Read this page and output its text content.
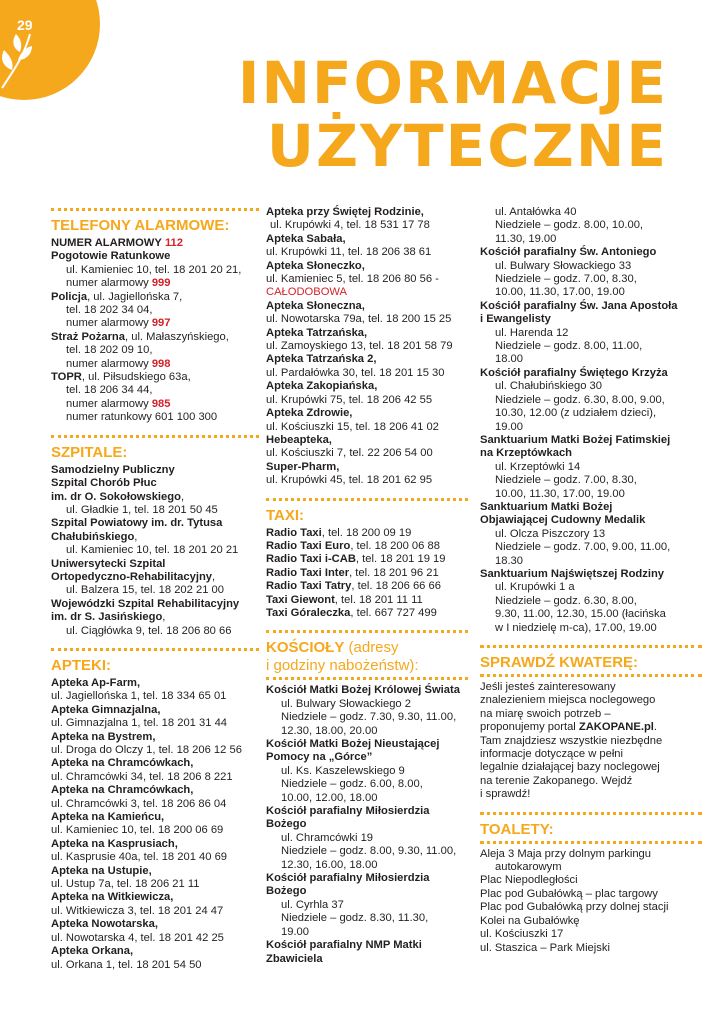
29
INFORMACJE
UŻYTECZNE
TELEFONY ALARMOWE:
NUMER ALARMOWY 112
Pogotowie Ratunkowe
ul. Kamieniec 10, tel. 18 201 20 21,
numer alarmowy 999
Policja, ul. Jagiellońska 7,
tel. 18 202 34 04,
numer alarmowy 997
Straż Pożarna, ul. Małaszyńskiego,
tel. 18 202 09 10,
numer alarmowy 998
TOPR, ul. Piłsudskiego 63a,
tel. 18 206 34 44,
numer alarmowy 985
numer ratunkowy 601 100 300
SZPITALE:
Samodzielny Publiczny
Szpital Chorób Płuc
im. dr O. Sokołowskiego,
ul. Gładkie 1, tel. 18 201 50 45
Szpital Powiatowy im. dr. Tytusa
Chałubińskiego,
ul. Kamieniec 10, tel. 18 201 20 21
Uniwersytecki Szpital
Ortopedyczno-Rehabilitacyjny,
ul. Balzera 15, tel. 18 202 21 00
Wojewódzki Szpital Rehabilitacyjny
im. dr S. Jasińskiego,
ul. Ciągłówka 9, tel. 18 206 80 66
APTEKI:
Apteka Ap-Farm,
ul. Jagiellońska 1, tel. 18 334 65 01
Apteka Gimnazjalna,
ul. Gimnazjalna 1, tel. 18 201 31 44
Apteka na Bystrem,
ul. Droga do Olczy 1, tel. 18 206 12 56
Apteka na Chramcówkach,
ul. Chramcówki 34, tel. 18 206 8 221
Apteka na Chramcówkach,
ul. Chramcówki 3, tel. 18 206 86 04
Apteka na Kamieńcu,
ul. Kamieniec 10, tel. 18 200 06 69
Apteka na Kasprusiach,
ul. Kasprusie 40a, tel. 18 201 40 69
Apteka na Ustupie,
ul. Ustup 7a, tel. 18 206 21 11
Apteka na Witkiewicza,
ul. Witkiewicza 3, tel. 18 201 24 47
Apteka Nowotarska,
ul. Nowotarska 4, tel. 18 201 42 25
Apteka Orkana,
ul. Orkana 1, tel. 18 201 54 50
Apteka przy Świętej Rodzinie,
ul. Krupówki 4, tel. 18 531 17 78
Apteka Sabała,
ul. Krupówki 11, tel. 18 206 38 61
Apteka Słoneczko,
ul. Kamieniec 5, tel. 18 206 80 56 -
CAŁODOBOWA
Apteka Słoneczna,
ul. Nowotarska 79a, tel. 18 200 15 25
Apteka Tatrzańska,
ul. Zamoyskiego 13, tel. 18 201 58 79
Apteka Tatrzańska 2,
ul. Pardałówka 30, tel. 18 201 15 30
Apteka Zakopiańska,
ul. Krupówki 75, tel. 18 206 42 55
Apteka Zdrowie,
ul. Kościuszki 15, tel. 18 206 41 02
Hebeapteka,
ul. Kościuszki 7, tel. 22 206 54 00
Super-Pharm,
ul. Krupówki 45, tel. 18 201 62 95
TAXI:
Radio Taxi, tel. 18 200 09 19
Radio Taxi Euro, tel. 18 200 06 88
Radio Taxi i-CAB, tel. 18 201 19 19
Radio Taxi Inter, tel. 18 201 96 21
Radio Taxi Tatry, tel. 18 206 66 66
Taxi Giewont, tel. 18 201 11 11
Taxi Góraleczka, tel. 667 727 499
KOŚCIOŁY (adresy
i godziny nabożeństw):
Kościół Matki Bożej Królowej Świata
ul. Bulwary Słowackiego 2
Niedziele – godz. 7.30, 9.30, 11.00,
12.30, 18.00, 20.00
Kościół Matki Bożej Nieustającej
Pomocy na „Górce”
ul. Ks. Kaszelewskiego 9
Niedziele – godz. 6.00, 8.00,
10.00, 12.00, 18.00
Kościół parafialny Miłosierdzia
Bożego
ul. Chramcówki 19
Niedziele – godz. 8.00, 9.30, 11.00,
12.30, 16.00, 18.00
Kościół parafialny Miłosierdzia
Bożego
ul. Cyrhla 37
Niedziele – godz. 8.30, 11.30,
19.00
Kościół parafialny NMP Matki
Zbawiciela
ul. Antałówka 40
Niedziele – godz. 8.00, 10.00,
11.30, 19.00
Kościół parafialny Św. Antoniego
ul. Bulwary Słowackiego 33
Niedziele – godz. 7.00, 8.30,
10.00, 11.30, 17.00, 19.00
Kościół parafialny Św. Jana Apostoła
i Ewangelisty
ul. Harenda 12
Niedziele – godz. 8.00, 11.00,
18.00
Kościół parafialny Świętego Krzyża
ul. Chałubińskiego 30
Niedziele – godz. 6.30, 8.00, 9.00,
10.30, 12.00 (z udziałem dzieci),
19.00
Sanktuarium Matki Bożej Fatimskiej
na Krzeptówkach
ul. Krzeptówki 14
Niedziele – godz. 7.00, 8.30,
10.00, 11.30, 17.00, 19.00
Sanktuarium Matki Bożej
Objawiającej Cudowny Medalik
ul. Olcza Piszczory 13
Niedziele – godz. 7.00, 9.00, 11.00,
18.30
Sanktuarium Najświętszej Rodziny
ul. Krupówki 1 a
Niedziele – godz. 6.30, 8.00,
9.30, 11.00, 12.30, 15.00 (łacińska
w I niedzielę m-ca), 17.00, 19.00
SPRAWDŹ KWATERĘ:
Jeśli jesteś zainteresowany
znalezieniem miejsca noclegowego
na miarę swoich potrzeb –
proponujemy portal ZAKOPANE.pl.
Tam znajdziesz wszystkie niezbędne
informacje dotyczące w pełni
legalnie działającej bazy noclegowej
na terenie Zakopanego. Wejdź
i sprawdź!
TOALETY:
Aleja 3 Maja przy dolnym parkingu
autokarowym
Plac Niepodległości
Plac pod Gubałówką – plac targowy
Plac pod Gubałówką przy dolnej stacji
Kolei na Gubałówkę
ul. Kościuszki 17
ul. Staszica – Park Miejski
